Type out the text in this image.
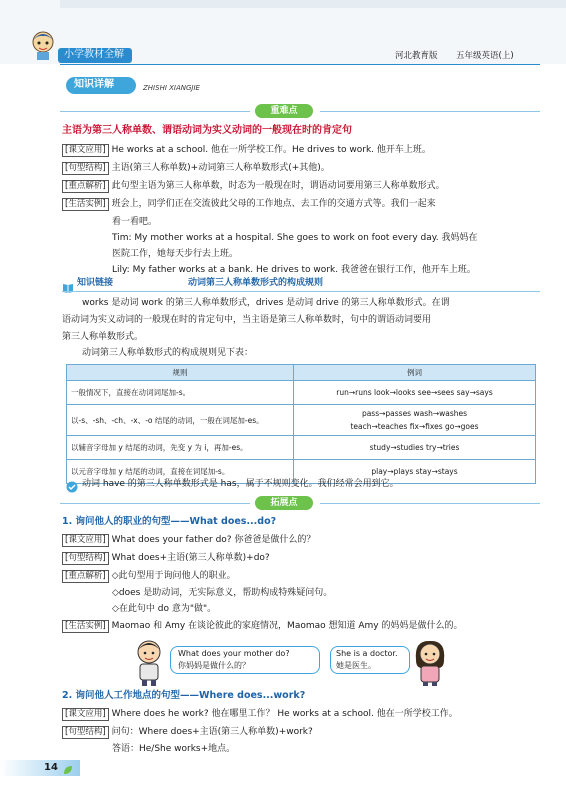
小学教材全解	河北教育版 五年级英语(上)
知识详解	ZHISHI XIANGJIE
重难点
主语为第三人称单数、谓语动词为实义动词的一般现在时的肯定句
[课文应用] He works at a school. 他在一所学校工作。He drives to work. 他开车上班。
[句型结构] 主语(第三人称单数)+动词第三人称单数形式(+其他)。
[重点解析] 此句型主语为第三人称单数，时态为一般现在时，谓语动词要用第三人称单数形式。
[生活实例] 班会上，同学们正在交流彼此父母的工作地点、去工作的交通方式等。我们一起来
看一看吧。
Tim: My mother works at a hospital. She goes to work on foot every day. 我妈妈在
医院工作，她每天步行去上班。
Lily: My father works at a bank. He drives to work. 我爸爸在银行工作，他开车上班。
知识链接	动词第三人称单数形式的构成规则
works 是动词 work 的第三人称单数形式，drives 是动词 drive 的第三人称单数形式。在谓
语动词为实义动词的一般现在时的肯定句中，当主语是第三人称单数时，句中的谓语动词要用
第三人称单数形式。
动词第三人称单数形式的构成规则见下表：
规则	例词
一般情况下，直接在动词词尾加-s。	run→runs look→looks see→sees say→says
以-s、-sh、-ch、-x、-o 结尾的动词，一般在词尾加-es。	pass→passes wash→washes
teach→teaches fix→fixes go→goes

以辅音字母加 y 结尾的动词，先变 y 为 i，再加-es。	study→studies try→tries
以元音字母加 y 结尾的动词，直接在词尾加-s。	play→plays stay→stays
动词 have 的第三人称单数形式是 has，属于不规则变化。我们经常会用到它。
拓展点
1. 询问他人的职业的句型——What does...do?
[课文应用] What does your father do? 你爸爸是做什么的？
[句型结构] What does+主语(第三人称单数)+do?
[重点解析] ◇此句型用于询问他人的职业。
◇does 是助动词，无实际意义，帮助构成特殊疑问句。
◇在此句中 do 意为"做"。
[生活实例] Maomao 和 Amy 在谈论彼此的家庭情况，Maomao 想知道 Amy 的妈妈是做什么的。
What does your mother do?
你妈妈是做什么的？
She is a doctor.
她是医生。
2. 询问他人工作地点的句型——Where does...work?
[课文应用] Where does he work? 他在哪里工作？ He works at a school. 他在一所学校工作。
[句型结构] 问句：Where does+主语(第三人称单数)+work?
答语：He/She works+地点。
14
